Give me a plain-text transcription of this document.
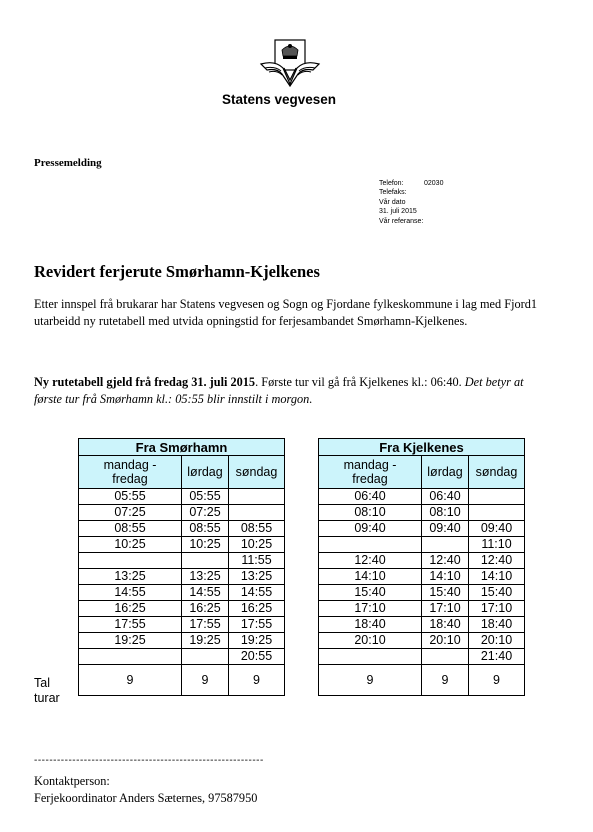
Statens vegvesen
Pressemelding
Telefon:	02030
Telefaks:
Vår dato
31. juli 2015
Vår referanse:
Revidert ferjerute Smørhamn-Kjelkenes
Etter innspel frå brukarar har Statens vegvesen og Sogn og Fjordane fylkeskommune i lag med Fjord1 utarbeidd ny rutetabell med utvida opningstid for ferjesambandet Smørhamn-Kjelkenes.
Ny rutetabell gjeld frå fredag 31. juli 2015. Første tur vil gå frå Kjelkenes kl.: 06:40. Det betyr at første tur frå Smørhamn kl.: 05:55 blir innstilt i morgon.
Fra Smørhamn		
mandag -
fredag	lørdag	søndag
05:55	05:55	
07:25	07:25	
08:55	08:55	08:55
10:25	10:25	10:25
		11:55
13:25	13:25	13:25
14:55	14:55	14:55
16:25	16:25	16:25
17:55	17:55	17:55
19:25	19:25	19:25
		20:55
9	9	9
Fra Kjelkenes		
mandag -
fredag	lørdag	søndag
06:40	06:40	
08:10	08:10	
09:40	09:40	09:40
		11:10
12:40	12:40	12:40
14:10	14:10	14:10
15:40	15:40	15:40
17:10	17:10	17:10
18:40	18:40	18:40
20:10	20:10	20:10
		21:40
9	9	9
Tal
turar
------------------------------------------------------------
Kontaktperson:
Ferjekoordinator Anders Sæternes, 97587950
